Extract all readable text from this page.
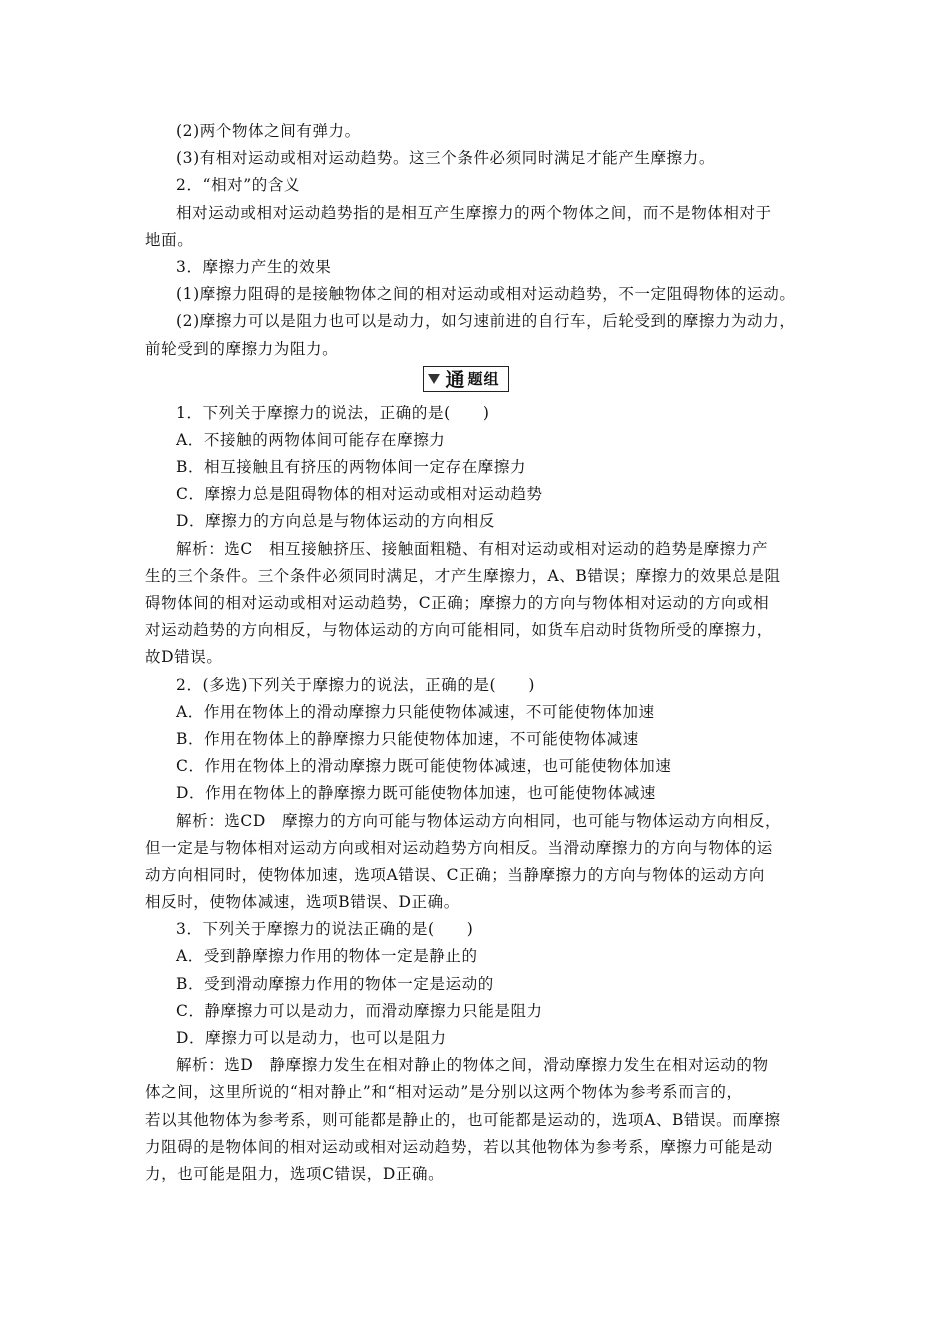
(2)两个物体之间有弹力。
(3)有相对运动或相对运动趋势。这三个条件必须同时满足才能产生摩擦力。
2．“相对”的含义
相对运动或相对运动趋势指的是相互产生摩擦力的两个物体之间，而不是物体相对于
地面。
3．摩擦力产生的效果
(1)摩擦力阻碍的是接触物体之间的相对运动或相对运动趋势，不一定阻碍物体的运动。
(2)摩擦力可以是阻力也可以是动力，如匀速前进的自行车，后轮受到的摩擦力为动力，
前轮受到的摩擦力为阻力。
通 题组
1．下列关于摩擦力的说法，正确的是(　　)
A．不接触的两物体间可能存在摩擦力
B．相互接触且有挤压的两物体间一定存在摩擦力
C．摩擦力总是阻碍物体的相对运动或相对运动趋势
D．摩擦力的方向总是与物体运动的方向相反
解析：选C　相互接触挤压、接触面粗糙、有相对运动或相对运动的趋势是摩擦力产
生的三个条件。三个条件必须同时满足，才产生摩擦力，A、B错误；摩擦力的效果总是阻
碍物体间的相对运动或相对运动趋势，C正确；摩擦力的方向与物体相对运动的方向或相
对运动趋势的方向相反，与物体运动的方向可能相同，如货车启动时货物所受的摩擦力，
故D错误。
2．(多选)下列关于摩擦力的说法，正确的是(　　)
A．作用在物体上的滑动摩擦力只能使物体减速，不可能使物体加速
B．作用在物体上的静摩擦力只能使物体加速，不可能使物体减速
C．作用在物体上的滑动摩擦力既可能使物体减速，也可能使物体加速
D．作用在物体上的静摩擦力既可能使物体加速，也可能使物体减速
解析：选CD　摩擦力的方向可能与物体运动方向相同，也可能与物体运动方向相反，
但一定是与物体相对运动方向或相对运动趋势方向相反。当滑动摩擦力的方向与物体的运
动方向相同时，使物体加速，选项A错误、C正确；当静摩擦力的方向与物体的运动方向
相反时，使物体减速，选项B错误、D正确。
3．下列关于摩擦力的说法正确的是(　　)
A．受到静摩擦力作用的物体一定是静止的
B．受到滑动摩擦力作用的物体一定是运动的
C．静摩擦力可以是动力，而滑动摩擦力只能是阻力
D．摩擦力可以是动力，也可以是阻力
解析：选D　静摩擦力发生在相对静止的物体之间，滑动摩擦力发生在相对运动的物
体之间，这里所说的“相对静止”和“相对运动”是分别以这两个物体为参考系而言的，
若以其他物体为参考系，则可能都是静止的，也可能都是运动的，选项A、B错误。而摩擦
力阻碍的是物体间的相对运动或相对运动趋势，若以其他物体为参考系，摩擦力可能是动
力，也可能是阻力，选项C错误，D正确。
